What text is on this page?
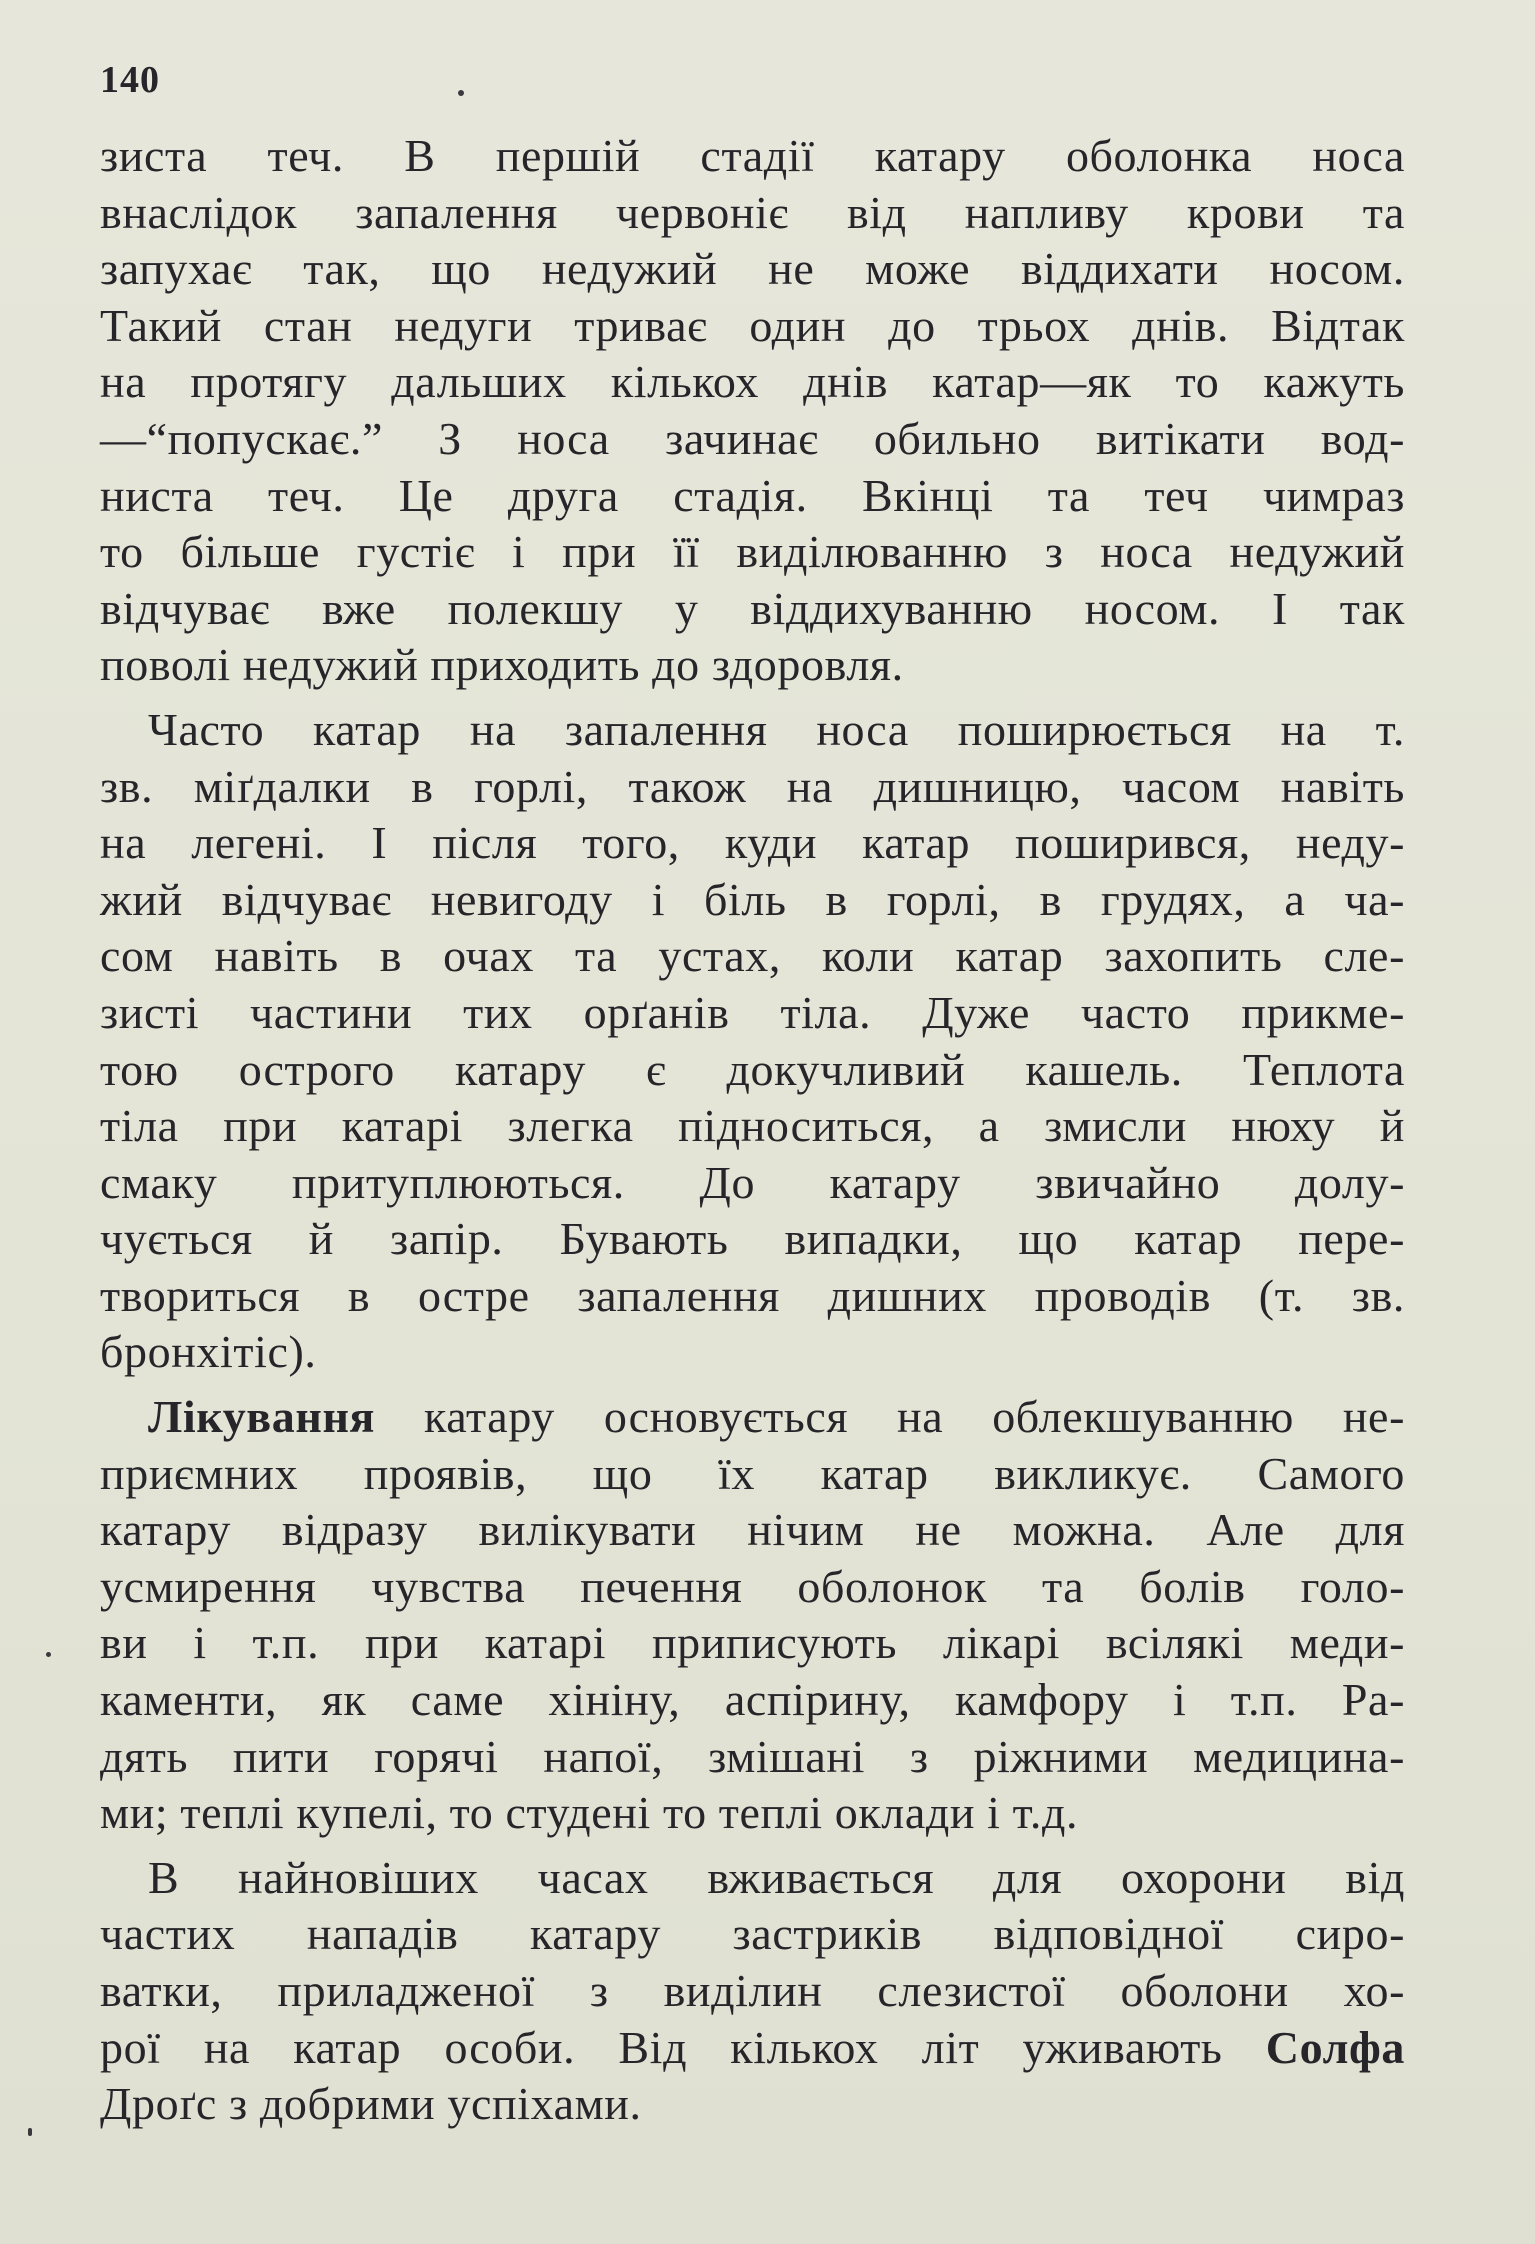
140
зиста теч. В першій стадії катару оболонка носа
внаслідок запалення червоніє від напливу крови та
запухає так, що недужий не може віддихати носом.
Такий стан недуги триває один до трьох днів. Відтак
на протягу дальших кількох днів катар—як то кажуть
—“попускає.” З носа зачинає обильно витікати вод-
ниста теч. Це друга стадія. Вкінці та теч чимраз
то більше густіє і при її виділюванню з носа недужий
відчуває вже полекшу у віддихуванню носом. І так
поволі недужий приходить до здоровля.
Часто катар на запалення носа поширюється на т.
зв. міґдалки в горлі, також на дишницю, часом навіть
на легені. І після того, куди катар поширився, неду-
жий відчуває невигоду і біль в горлі, в грудях, а ча-
сом навіть в очах та устах, коли катар захопить сле-
зисті частини тих орґанів тіла. Дуже часто прикме-
тою острого катару є докучливий кашель. Теплота
тіла при катарі злегка підноситься, а змисли нюху й
смаку притуплюються. До катару звичайно долу-
чується й запір. Бувають випадки, що катар пере-
твориться в остре запалення дишних проводів (т. зв.
бронхітіс).
Лікування катару основується на облекшуванню не-
приємних проявів, що їх катар викликує. Самого
катару відразу вилікувати нічим не можна. Але для
усмирення чувства печення оболонок та болів голо-
ви і т.п. при катарі приписують лікарі всілякі меди-
каменти, як саме хініну, аспірину, камфору і т.п. Ра-
дять пити горячі напої, змішані з ріжними медицина-
ми; теплі купелі, то студені то теплі оклади і т.д.
В найновіших часах вживається для охорони від
частих нападів катару застриків відповідної сиро-
ватки, приладженої з виділин слезистої оболони хо-
рої на катар особи. Від кількох літ уживають Солфа
Дроґс з добрими успіхами.
